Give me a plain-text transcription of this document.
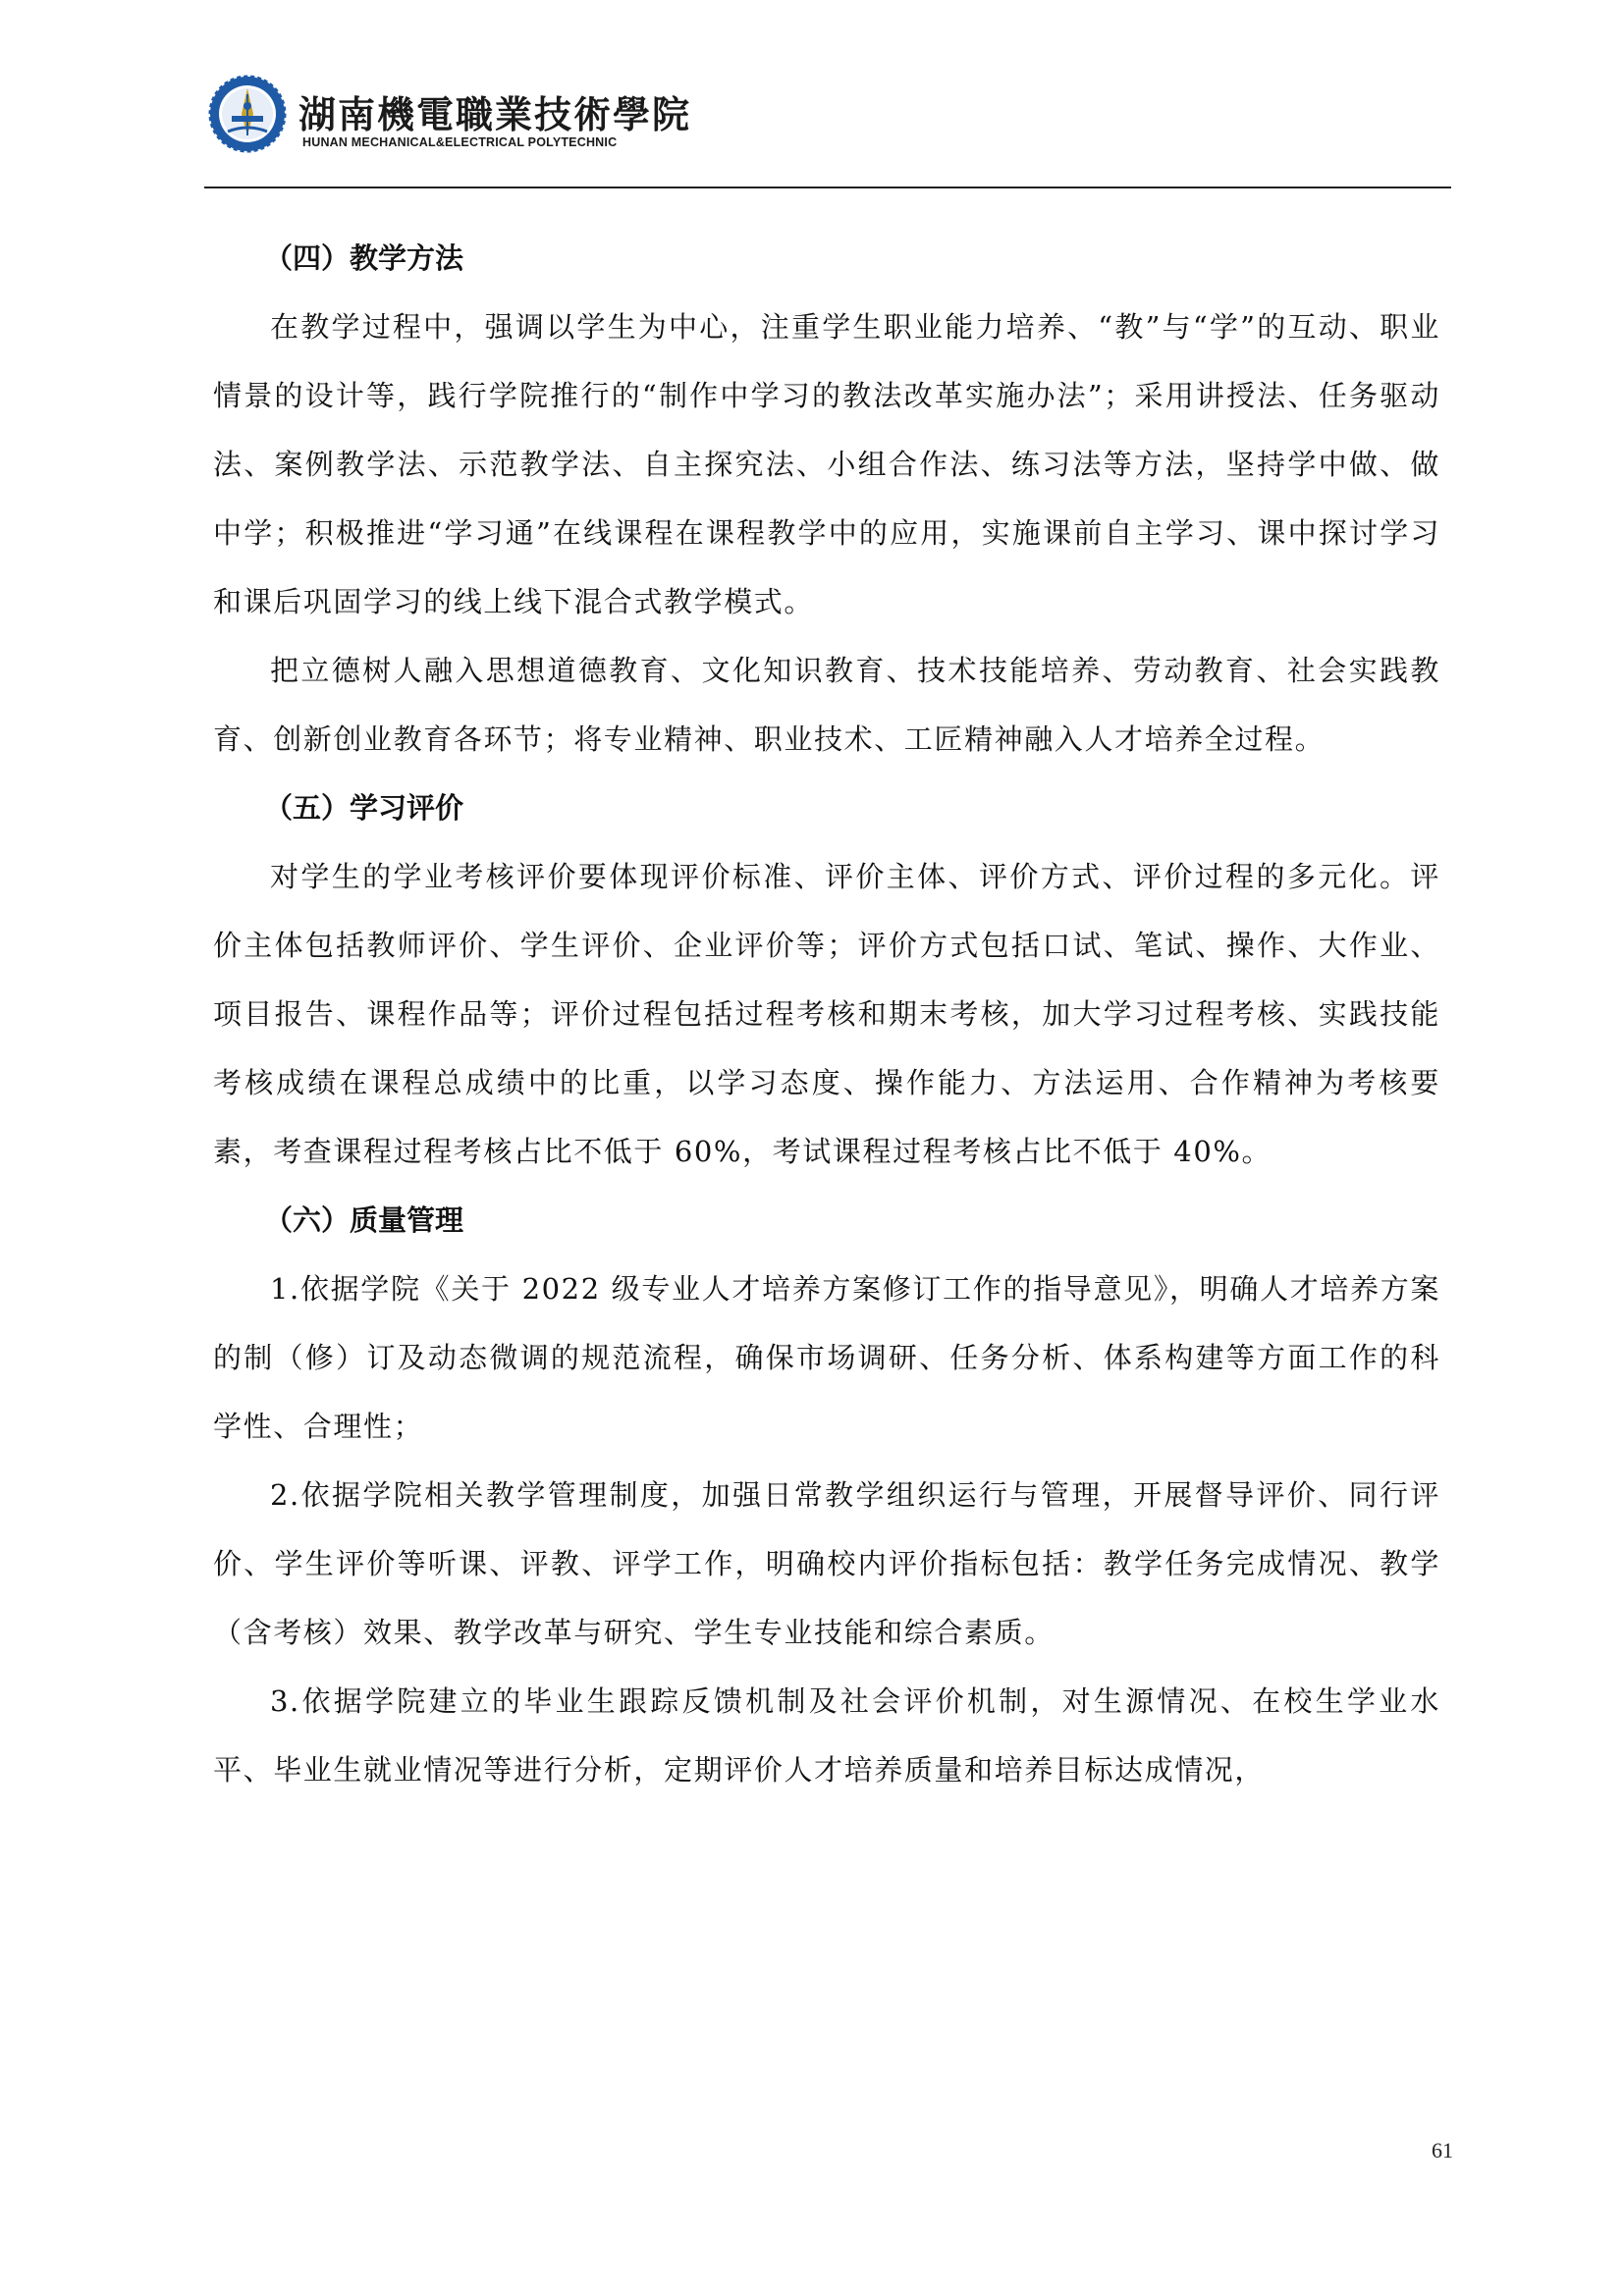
湖南機電職業技術學院
HUNAN MECHANICAL&ELECTRICAL POLYTECHNIC
（四）教学方法

在教学过程中，强调以学生为中心，注重学生职业能力培养、“教”与“学”的互动、职业情景的设计等，践行学院推行的“制作中学习的教法改革实施办法”；采用讲授法、任务驱动法、案例教学法、示范教学法、自主探究法、小组合作法、练习法等方法，坚持学中做、做中学；积极推进“学习通”在线课程在课程教学中的应用，实施课前自主学习、课中探讨学习和课后巩固学习的线上线下混合式教学模式。

把立德树人融入思想道德教育、文化知识教育、技术技能培养、劳动教育、社会实践教育、创新创业教育各环节；将专业精神、职业技术、工匠精神融入人才培养全过程。

（五）学习评价

对学生的学业考核评价要体现评价标准、评价主体、评价方式、评价过程的多元化。评价主体包括教师评价、学生评价、企业评价等；评价方式包括口试、笔试、操作、大作业、项目报告、课程作品等；评价过程包括过程考核和期末考核，加大学习过程考核、实践技能考核成绩在课程总成绩中的比重，以学习态度、操作能力、方法运用、合作精神为考核要素，考查课程过程考核占比不低于 60%，考试课程过程考核占比不低于 40%。

（六）质量管理

1.依据学院《关于 2022 级专业人才培养方案修订工作的指导意见》，明确人才培养方案的制（修）订及动态微调的规范流程，确保市场调研、任务分析、体系构建等方面工作的科学性、合理性；

2.依据学院相关教学管理制度，加强日常教学组织运行与管理，开展督导评价、同行评价、学生评价等听课、评教、评学工作，明确校内评价指标包括：教学任务完成情况、教学（含考核）效果、教学改革与研究、学生专业技能和综合素质。

3.依据学院建立的毕业生跟踪反馈机制及社会评价机制，对生源情况、在校生学业水平、毕业生就业情况等进行分析，定期评价人才培养质量和培养目标达成情况，

61
